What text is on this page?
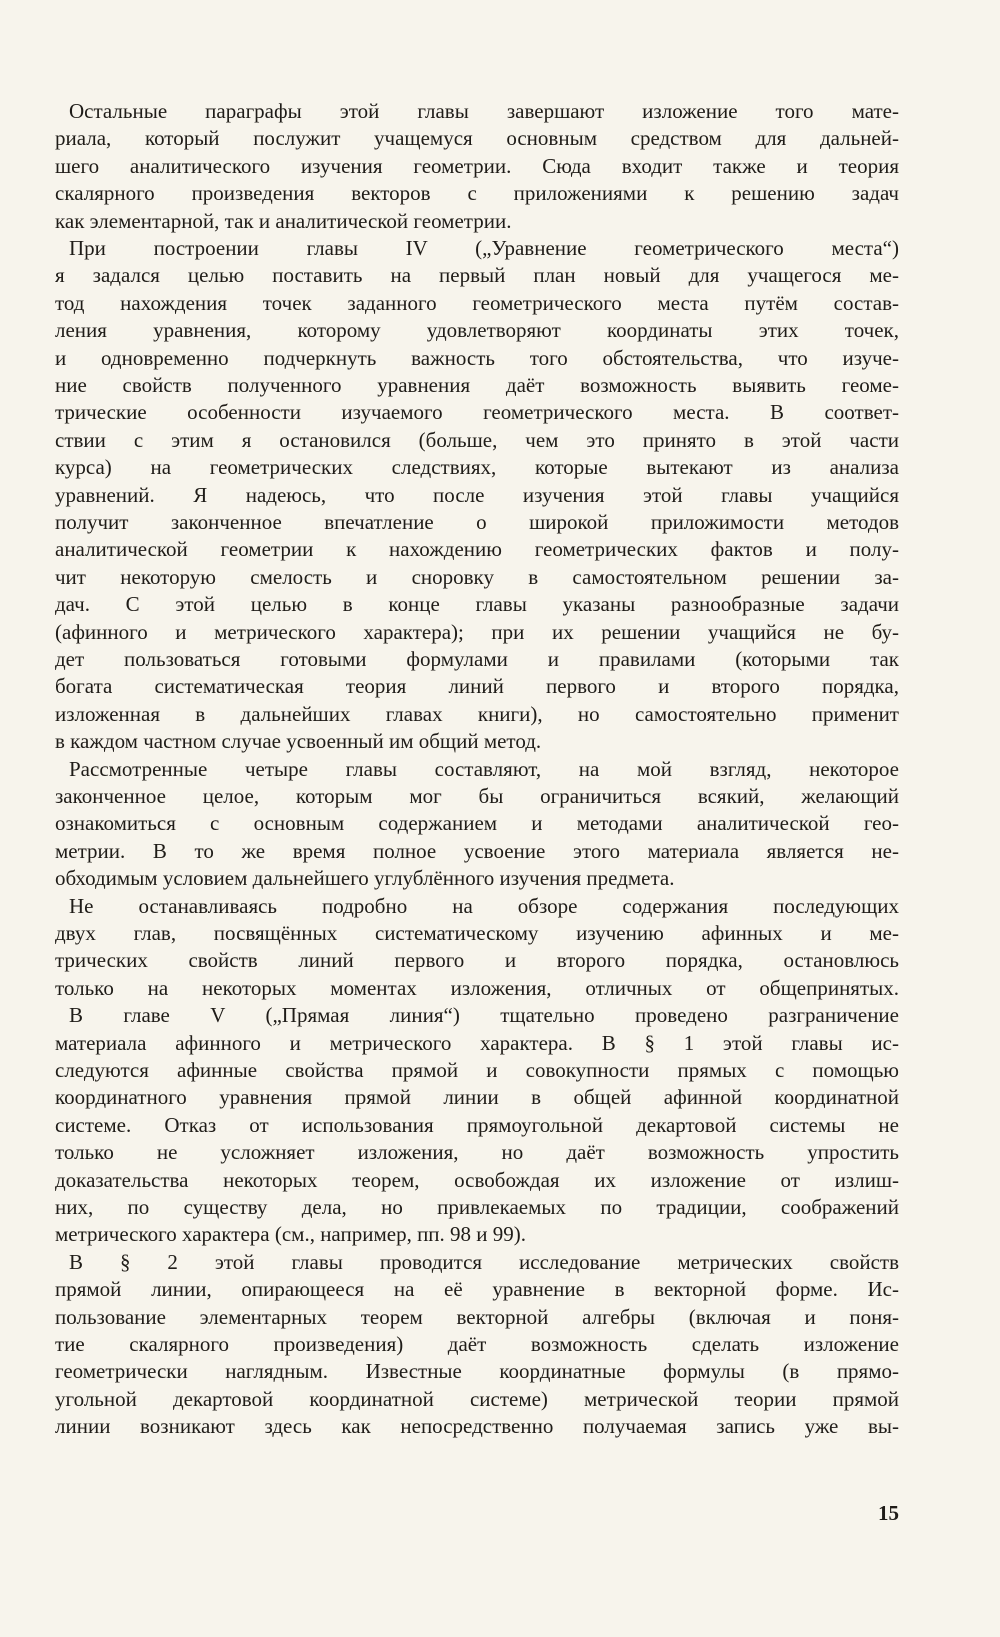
Остальные параграфы этой главы завершают изложение того мате-
риала, который послужит учащемуся основным средством для дальней-
шего аналитического изучения геометрии. Сюда входит также и теория
скалярного произведения векторов с приложениями к решению задач
как элементарной, так и аналитической геометрии.
При построении главы IV („Уравнение геометрического места“)
я задался целью поставить на первый план новый для учащегося ме-
тод нахождения точек заданного геометрического места путём состав-
ления уравнения, которому удовлетворяют координаты этих точек,
и одновременно подчеркнуть важность того обстоятельства, что изуче-
ние свойств полученного уравнения даёт возможность выявить геоме-
трические особенности изучаемого геометрического места. В соответ-
ствии с этим я остановился (больше, чем это принято в этой части
курса) на геометрических следствиях, которые вытекают из анализа
уравнений. Я надеюсь, что после изучения этой главы учащийся
получит законченное впечатление о широкой приложимости методов
аналитической геометрии к нахождению геометрических фактов и полу-
чит некоторую смелость и сноровку в самостоятельном решении за-
дач. С этой целью в конце главы указаны разнообразные задачи
(афинного и метрического характера); при их решении учащийся не бу-
дет пользоваться готовыми формулами и правилами (которыми так
богата систематическая теория линий первого и второго порядка,
изложенная в дальнейших главах книги), но самостоятельно применит
в каждом частном случае усвоенный им общий метод.
Рассмотренные четыре главы составляют, на мой взгляд, некоторое
законченное целое, которым мог бы ограничиться всякий, желающий
ознакомиться с основным содержанием и методами аналитической гео-
метрии. В то же время полное усвоение этого материала является не-
обходимым условием дальнейшего углублённого изучения предмета.
Не останавливаясь подробно на обзоре содержания последующих
двух глав, посвящённых систематическому изучению афинных и ме-
трических свойств линий первого и второго порядка, остановлюсь
только на некоторых моментах изложения, отличных от общепринятых.
В главе V („Прямая линия“) тщательно проведено разграничение
материала афинного и метрического характера. В § 1 этой главы ис-
следуются афинные свойства прямой и совокупности прямых с помощью
координатного уравнения прямой линии в общей афинной координатной
системе. Отказ от использования прямоугольной декартовой системы не
только не усложняет изложения, но даёт возможность упростить
доказательства некоторых теорем, освобождая их изложение от излиш-
них, по существу дела, но привлекаемых по традиции, соображений
метрического характера (см., например, пп. 98 и 99).
В § 2 этой главы проводится исследование метрических свойств
прямой линии, опирающееся на её уравнение в векторной форме. Ис-
пользование элементарных теорем векторной алгебры (включая и поня-
тие скалярного произведения) даёт возможность сделать изложение
геометрически наглядным. Известные координатные формулы (в прямо-
угольной декартовой координатной системе) метрической теории прямой
линии возникают здесь как непосредственно получаемая запись уже вы-
15
